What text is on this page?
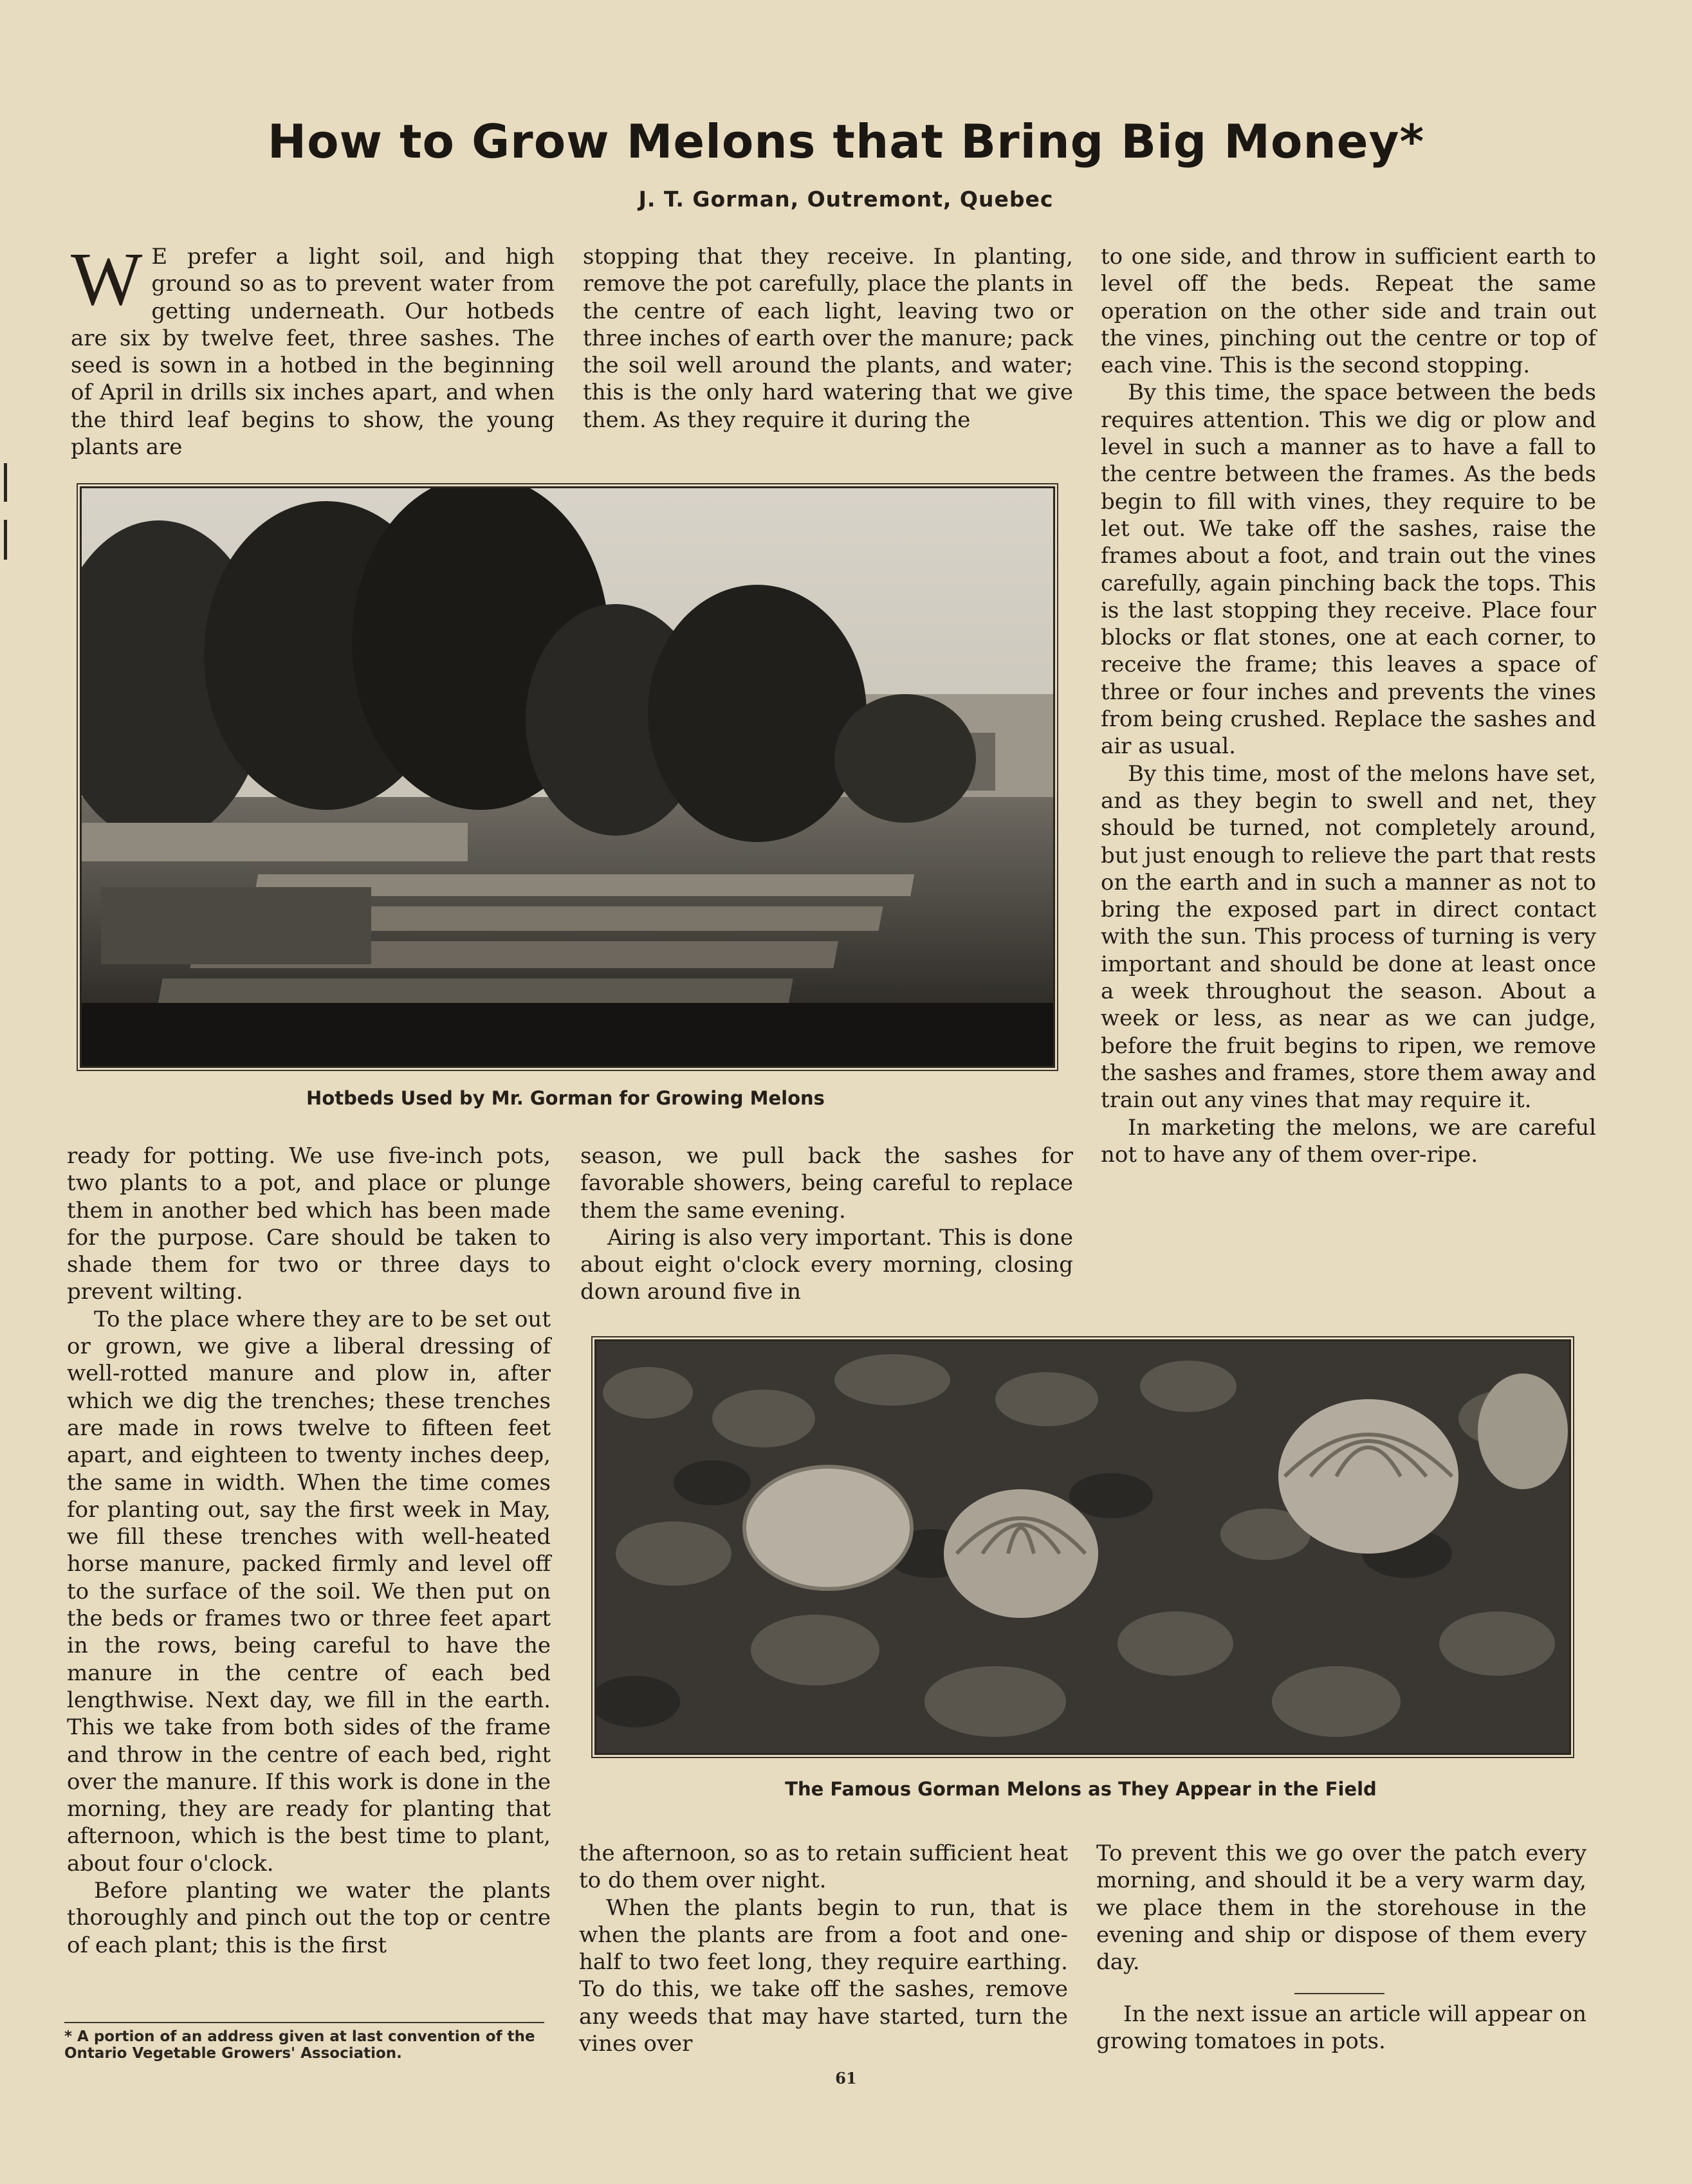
How to Grow Melons that Bring Big Money*
J. T. Gorman, Outremont, Quebec

W E prefer a light soil, and high ground so as to prevent water from getting underneath. Our hotbeds are six by twelve feet, three sashes. The seed is sown in a hotbed in the beginning of April in drills six inches apart, and when the third leaf begins to show, the young plants are

stopping that they receive. In planting, remove the pot carefully, place the plants in the centre of each light, leaving two or three inches of earth over the manure; pack the soil well around the plants, and water; this is the only hard watering that we give them. As they require it during the

to one side, and throw in sufficient earth to level off the beds. Repeat the same operation on the other side and train out the vines, pinching out the centre or top of each vine. This is the second stopping.

By this time, the space between the beds requires attention. This we dig or plow and level in such a manner as to have a fall to the centre between the frames. As the beds begin to fill with vines, they require to be let out. We take off the sashes, raise the frames about a foot, and train out the vines carefully, again pinching back the tops. This is the last stopping they receive. Place four blocks or flat stones, one at each corner, to receive the frame; this leaves a space of three or four inches and prevents the vines from being crushed. Replace the sashes and air as usual.

By this time, most of the melons have set, and as they begin to swell and net, they should be turned, not completely around, but just enough to relieve the part that rests on the earth and in such a manner as not to bring the exposed part in direct contact with the sun. This process of turning is very important and should be done at least once a week throughout the season. About a week or less, as near as we can judge, before the fruit begins to ripen, we remove the sashes and frames, store them away and train out any vines that may require it.

In marketing the melons, we are careful not to have any of them over-ripe.

Hotbeds Used by Mr. Gorman for Growing Melons

ready for potting. We use five-inch pots, two plants to a pot, and place or plunge them in another bed which has been made for the purpose. Care should be taken to shade them for two or three days to prevent wilting.

To the place where they are to be set out or grown, we give a liberal dressing of well-rotted manure and plow in, after which we dig the trenches; these trenches are made in rows twelve to fifteen feet apart, and eighteen to twenty inches deep, the same in width. When the time comes for planting out, say the first week in May, we fill these trenches with well-heated horse manure, packed firmly and level off to the surface of the soil. We then put on the beds or frames two or three feet apart in the rows, being careful to have the manure in the centre of each bed lengthwise. Next day, we fill in the earth. This we take from both sides of the frame and throw in the centre of each bed, right over the manure. If this work is done in the morning, they are ready for planting that afternoon, which is the best time to plant, about four o'clock.

Before planting we water the plants thoroughly and pinch out the top or centre of each plant; this is the first

season, we pull back the sashes for favorable showers, being careful to replace them the same evening.

Airing is also very important. This is done about eight o'clock every morning, closing down around five in

The Famous Gorman Melons as They Appear in the Field

the afternoon, so as to retain sufficient heat to do them over night.

When the plants begin to run, that is when the plants are from a foot and one-half to two feet long, they require earthing. To do this, we take off the sashes, remove any weeds that may have started, turn the vines over

To prevent this we go over the patch every morning, and should it be a very warm day, we place them in the storehouse in the evening and ship or dispose of them every day.

In the next issue an article will appear on growing tomatoes in pots.

* A portion of an address given at last convention of the Ontario Vegetable Growers' Association.
61
